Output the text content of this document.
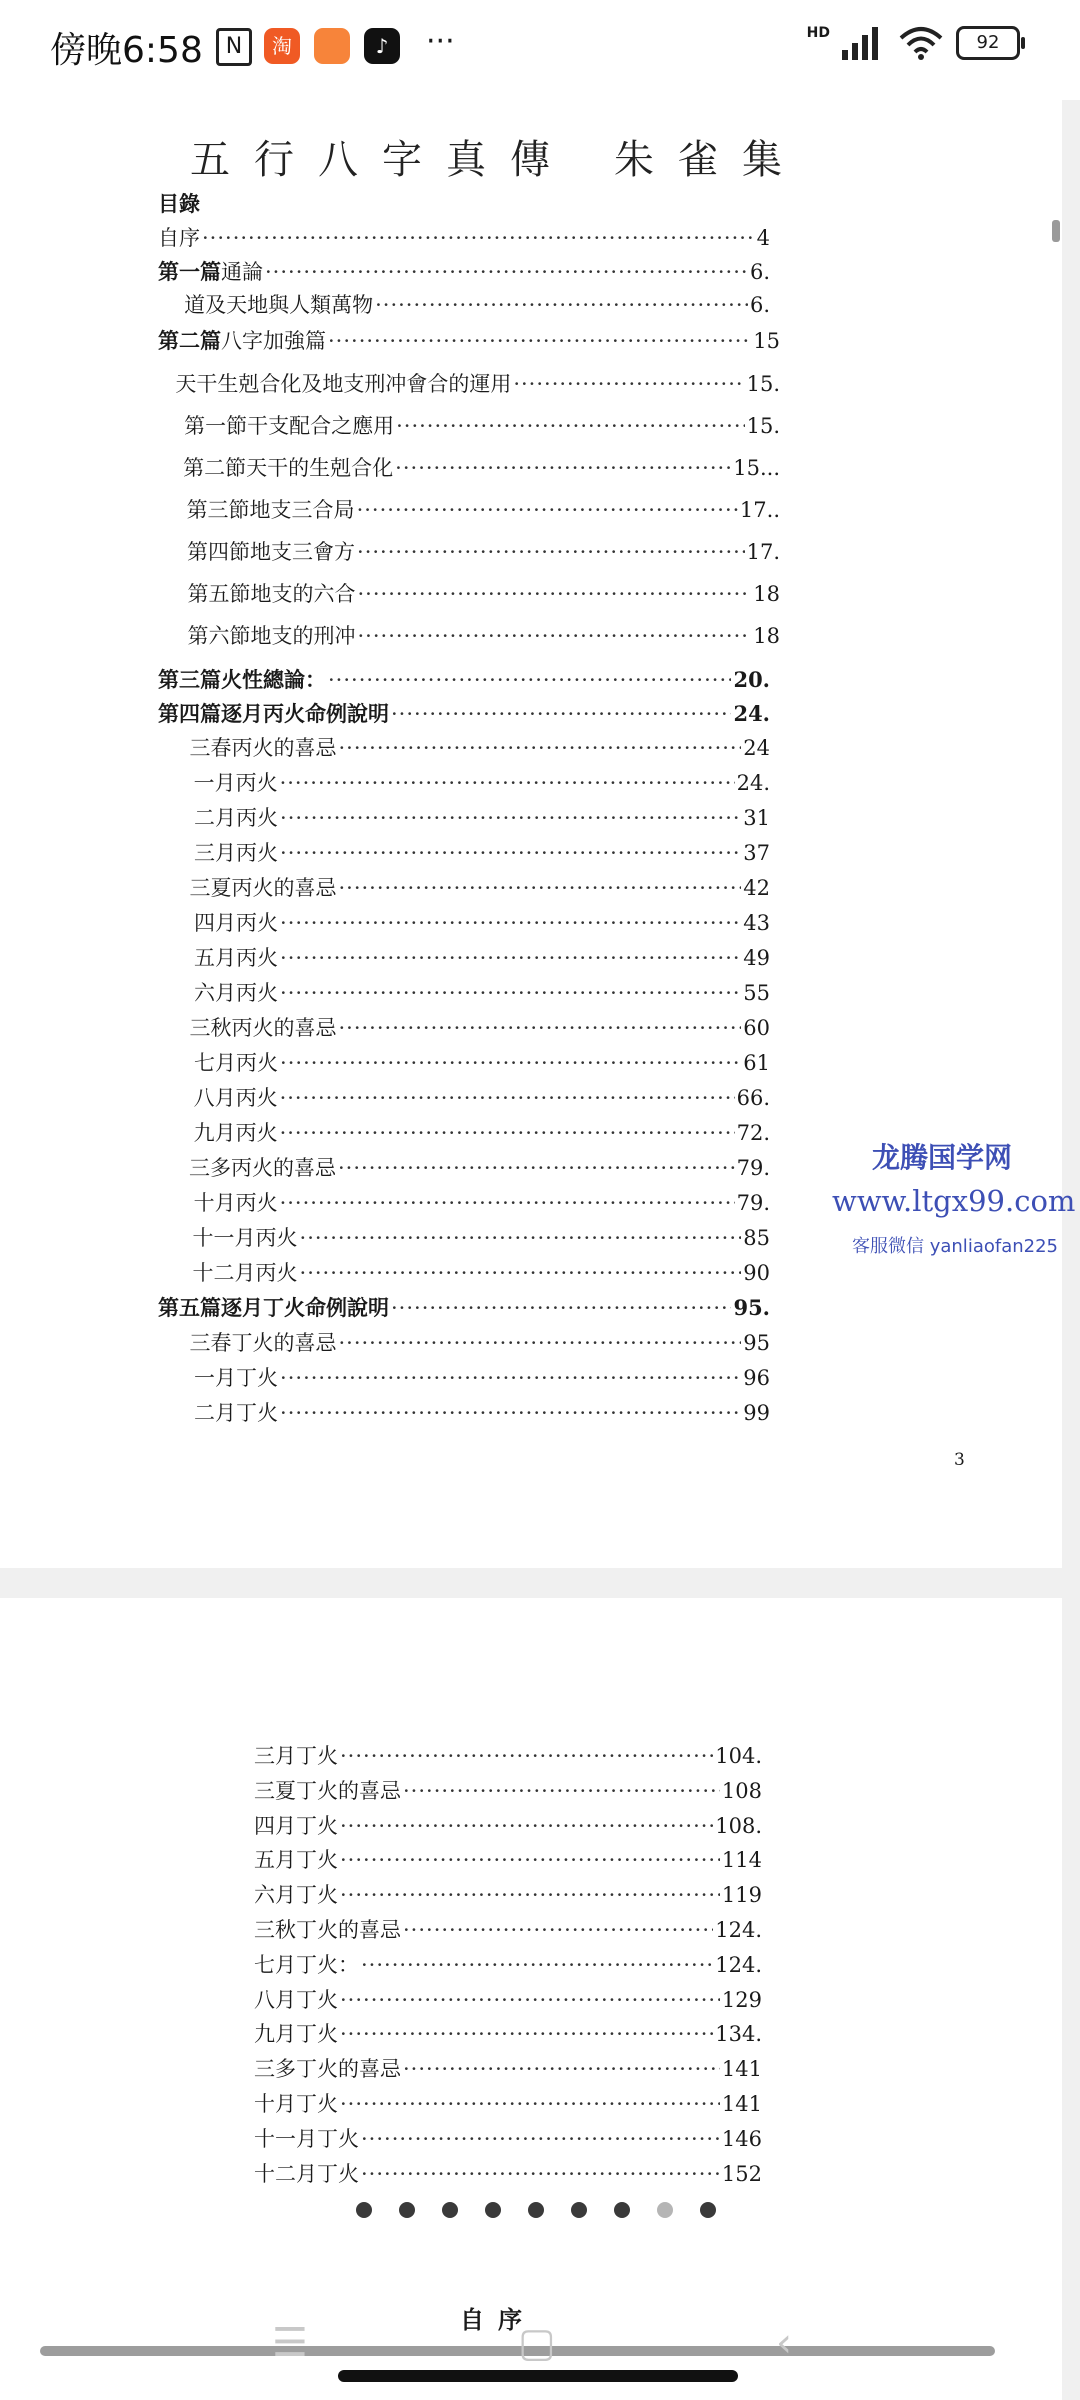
傍晚6:58	N	淘	♪	···	HD	92
五行八字真傳 朱雀集
目錄
自序 ·····	4
第一篇 通論 ·····	6.
道及天地與人類萬物 ·····	6.
第二篇 八字加強篇 ·····	15
天干生剋合化及地支刑冲會合的運用 ·····	15.
第一節干支配合之應用 ·····	15.
第二節天干的生剋合化 ·····	15...
第三節地支三合局 ·····	17..
第四節地支三會方 ·····	17.
第五節地支的六合 ·····	18
第六節地支的刑冲 ·····	18
第三篇 火性總論： ·····	20.
第四篇 逐月丙火命例說明 ·····	24.
三春丙火的喜忌 ·····	24
一月丙火 ·····	24.
二月丙火 ·····	31
三月丙火 ·····	37
三夏丙火的喜忌 ·····	42
四月丙火 ·····	43
五月丙火 ·····	49
六月丙火 ·····	55
三秋丙火的喜忌 ·····	60
七月丙火 ·····	61
八月丙火 ·····	66.
九月丙火 ·····	72.
三多丙火的喜忌 ·····	79.
十月丙火 ·····	79.
十一月丙火 ·····	85
十二月丙火 ·····	90
第五篇 逐月丁火命例說明 ·····	95.
三春丁火的喜忌 ·····	95
一月丁火 ·····	96
二月丁火 ·····	99
3
龙腾国学网
www.ltgx99.com
客服微信 yanliaofan225
三月丁火 ·····	104.
三夏丁火的喜忌 ·····	108
四月丁火 ·····	108.
五月丁火 ·····	114
六月丁火 ·····	119
三秋丁火的喜忌 ·····	124.
七月丁火： ·····	124.
八月丁火 ·····	129
九月丁火 ·····	134.
三多丁火的喜忌 ·····	141
十月丁火 ·····	141
十一月丁火 ·····	146
十二月丁火 ·····	152
自序
☰	▢	‹
